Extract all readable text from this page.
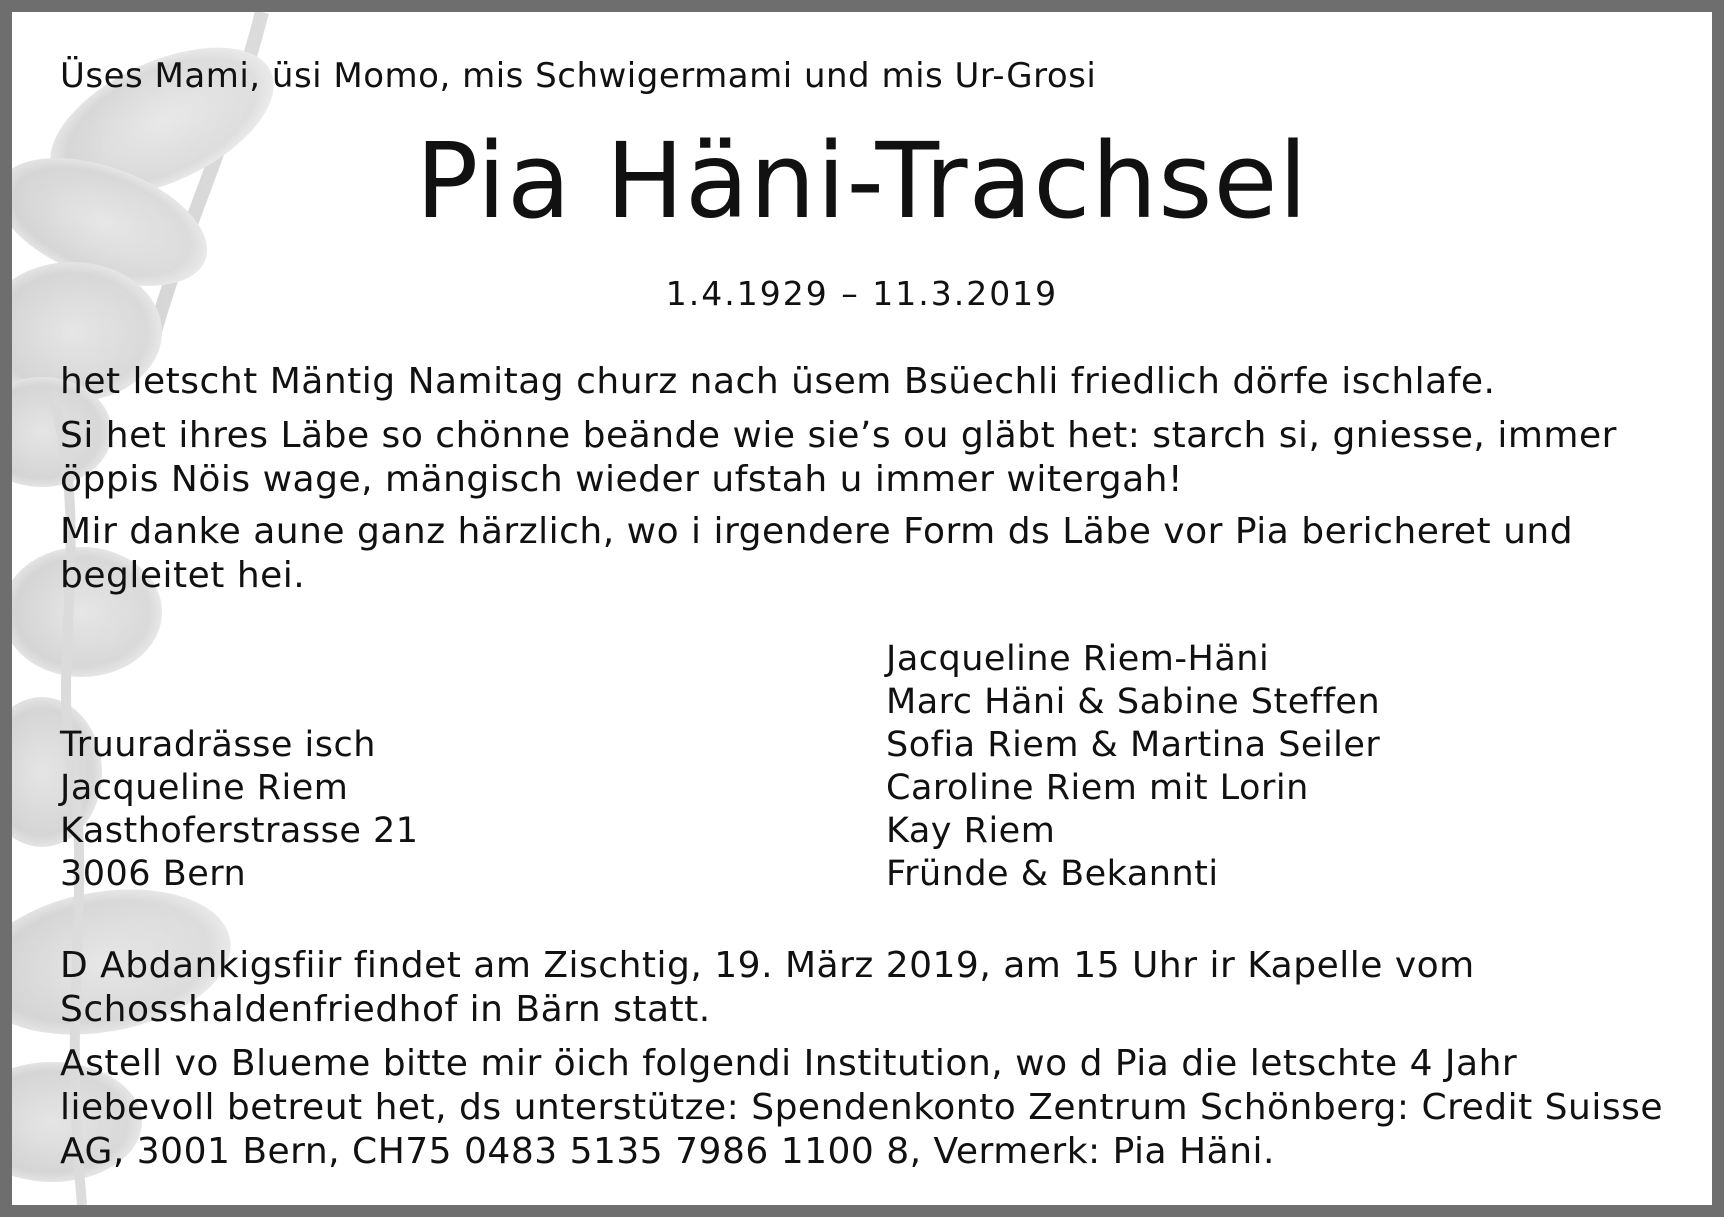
Üses Mami, üsi Momo, mis Schwigermami und mis Ur-Grosi
Pia Häni-Trachsel
1.4.1929 – 11.3.2019
het letscht Mäntig Namitag churz nach üsem Bsüechli friedlich dörfe ischlafe.
Si het ihres Läbe so chönne beände wie sie’s ou gläbt het: starch si, gniesse, immer öppis Nöis wage, mängisch wieder ufstah u immer witergah!
Mir danke aune ganz härzlich, wo i irgendere Form ds Läbe vor Pia bericheret und begleitet hei.
Truuradrässe isch
Jacqueline Riem
Kasthoferstrasse 21
3006 Bern
Jacqueline Riem-Häni
Marc Häni & Sabine Steffen
Sofia Riem & Martina Seiler
Caroline Riem mit Lorin
Kay Riem
Fründe & Bekannti
D Abdankigsfiir findet am Zischtig, 19. März 2019, am 15 Uhr ir Kapelle vom Schosshaldenfriedhof in Bärn statt.
Astell vo Blueme bitte mir öich folgendi Institution, wo d Pia die letschte 4 Jahr liebevoll betreut het, ds unterstütze: Spendenkonto Zentrum Schönberg: Credit Suisse AG, 3001 Bern, CH75 0483 5135 7986 1100 8, Vermerk: Pia Häni.
